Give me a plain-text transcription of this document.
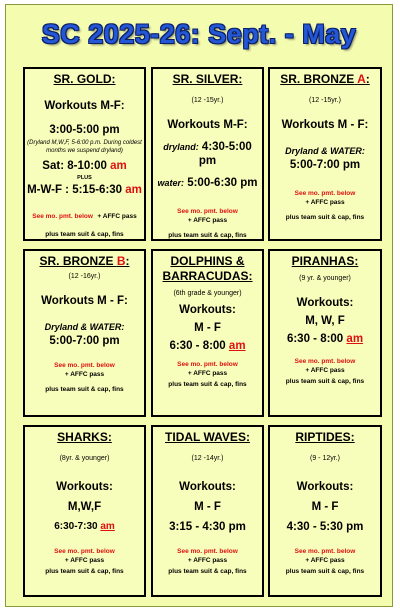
SC 2025-26: Sept. - May
SR. GOLD:
Workouts M-F:
3:00-5:00 pm
(Dryland M,W,F, 5-6:00 p.m. During coldest months we suspend dryland)
Sat: 8-10:00 am
PLUS
M-W-F : 5:15-6:30 am
See mo. pmt. below + AFFC pass
plus team suit & cap, fins
SR. SILVER:
(12 -15yr.)
Workouts M-F:
dryland: 4:30-5:00 pm
water: 5:00-6:30 pm
See mo. pmt. below
+ AFFC pass
plus team suit & cap, fins
SR. BRONZE A:
(12 -15yr.)
Workouts M - F:
Dryland & WATER:
5:00-7:00 pm
See mo. pmt. below
+ AFFC pass
plus team suit & cap, fins
SR. BRONZE B:
(12 -16yr.)
Workouts M - F:
Dryland & WATER:
5:00-7:00 pm
See mo. pmt. below
+ AFFC pass
plus team suit & cap, fins
DOLPHINS &
BARRACUDAS:
(6th grade & younger)
Workouts:
M - F
6:30 - 8:00 am
See mo. pmt. below
+ AFFC pass
plus team suit & cap, fins
PIRANHAS:
(9 yr. & younger)
Workouts:
M, W, F
6:30 - 8:00 am
See mo. pmt. below
+ AFFC pass
plus team suit & cap, fins
SHARKS:
(8yr. & younger)
Workouts:
M,W,F
6:30-7:30 am
See mo. pmt. below
+ AFFC pass
plus team suit & cap, fins
TIDAL WAVES:
(12 -14yr.)
Workouts:
M - F
3:15 - 4:30 pm
See mo. pmt. below
+ AFFC pass
plus team suit & cap, fins
RIPTIDES:
(9 - 12yr.)
Workouts:
M - F
4:30 - 5:30 pm
See mo. pmt. below
+ AFFC pass
plus team suit & cap, fins
